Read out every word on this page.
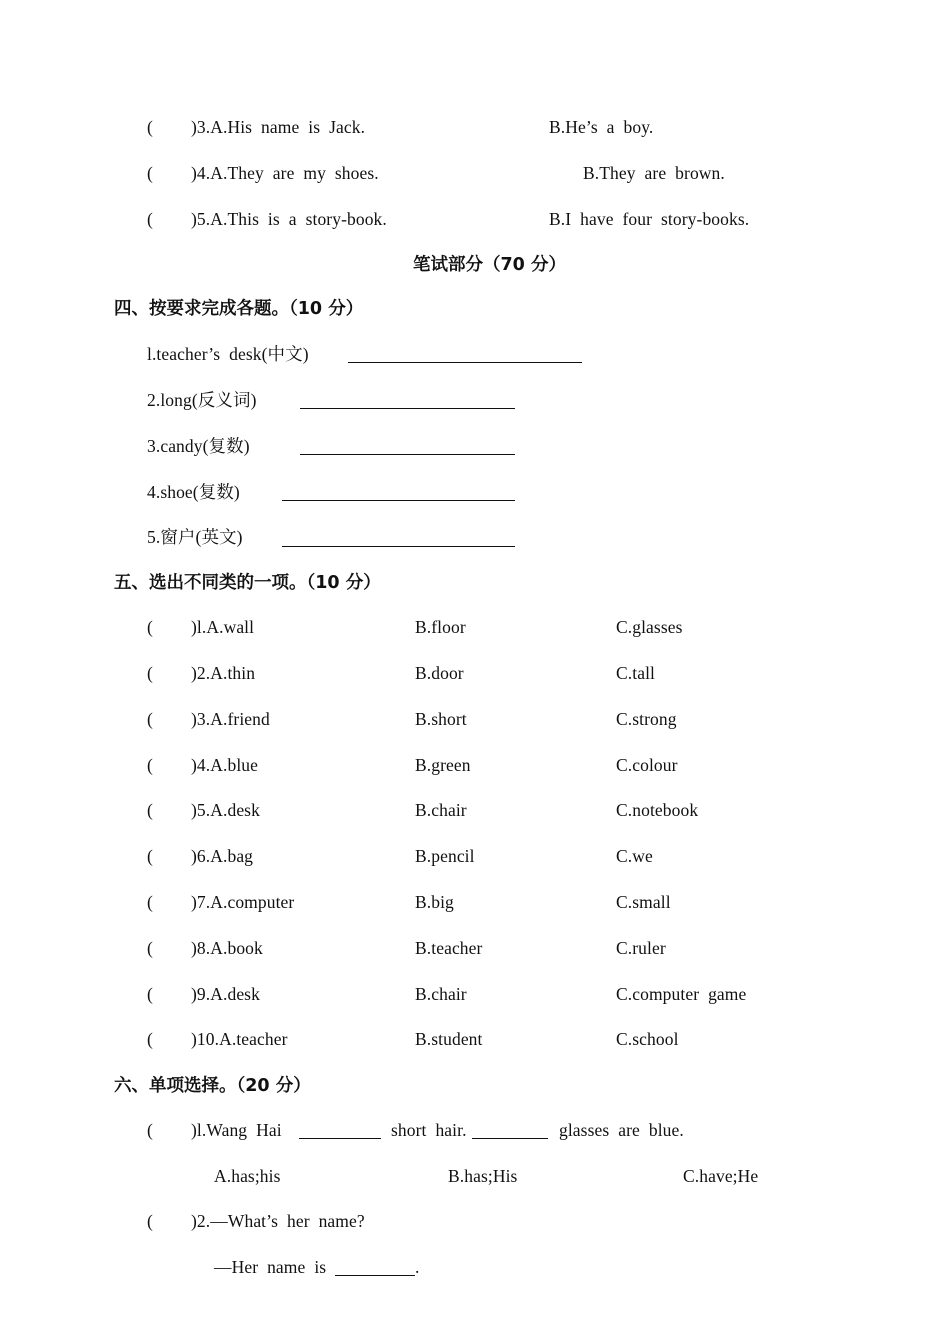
( )3.A.His  name  is  Jack.	B.He’s  a  boy.
( )4.A.They  are  my  shoes.	B.They  are  brown.
( )5.A.This  is  a  story-book.	B.I  have  four  story-books.
笔试部分（70 分）
四、按要求完成各题。（10 分）
l.teacher’s  desk(中文)
2.long(反义词)
3.candy(复数)
4.shoe(复数)
5.窗户(英文)
五、选出不同类的一项。（10 分）
( )l.A.wall	B.floor	C.glasses
( )2.A.thin	B.door	C.tall
( )3.A.friend	B.short	C.strong
( )4.A.blue	B.green	C.colour
( )5.A.desk	B.chair	C.notebook
( )6.A.bag	B.pencil	C.we
( )7.A.computer	B.big	C.small
( )8.A.book	B.teacher	C.ruler
( )9.A.desk	B.chair	C.computer  game
( )10.A.teacher	B.student	C.school
六、单项选择。（20 分）
( )l.Wang  Hai	short  hair.	glasses  are  blue.
A.has;his	B.has;His	C.have;He
( )2.—What’s  her  name?
—Her  name  is	.
